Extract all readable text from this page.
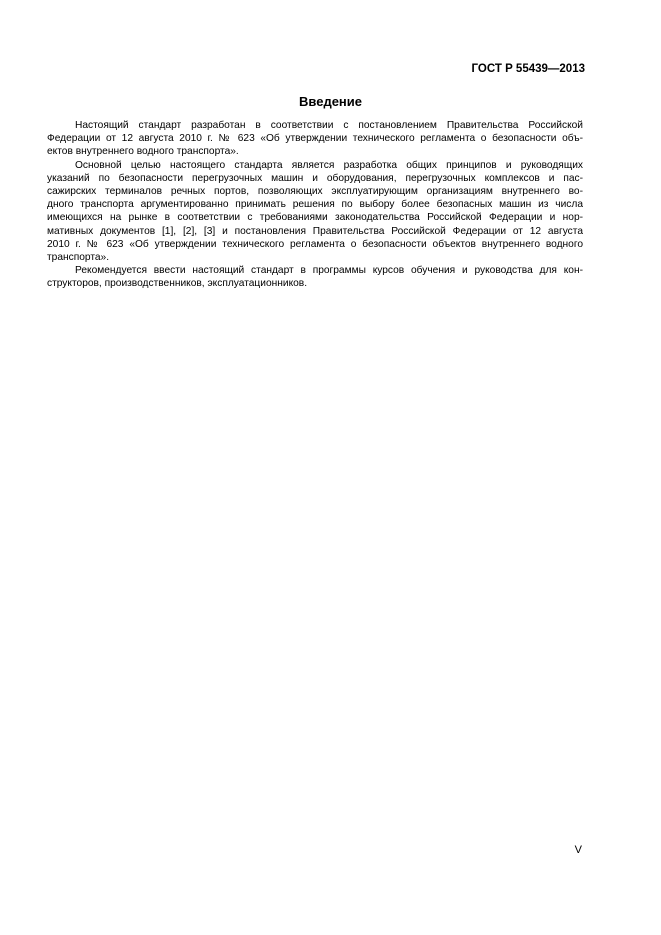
ГОСТ Р 55439—2013
Введение
Настоящий стандарт разработан в соответствии с постановлением Правительства Российской
Федерации от 12 августа 2010 г. № 623 «Об утверждении технического регламента о безопасности объ-
ектов внутреннего водного транспорта».
Основной целью настоящего стандарта является разработка общих принципов и руководящих
указаний по безопасности перегрузочных машин и оборудования, перегрузочных комплексов и пас-
сажирских терминалов речных портов, позволяющих эксплуатирующим организациям внутреннего во-
дного транспорта аргументированно принимать решения по выбору более безопасных машин из числа
имеющихся на рынке в соответствии с требованиями законодательства Российской Федерации и нор-
мативных документов [1], [2], [3] и постановления Правительства Российской Федерации от 12 августа
2010 г. № 623 «Об утверждении технического регламента о безопасности объектов внутреннего водного
транспорта».
Рекомендуется ввести настоящий стандарт в программы курсов обучения и руководства для кон-
структоров, производственников, эксплуатационников.
V
